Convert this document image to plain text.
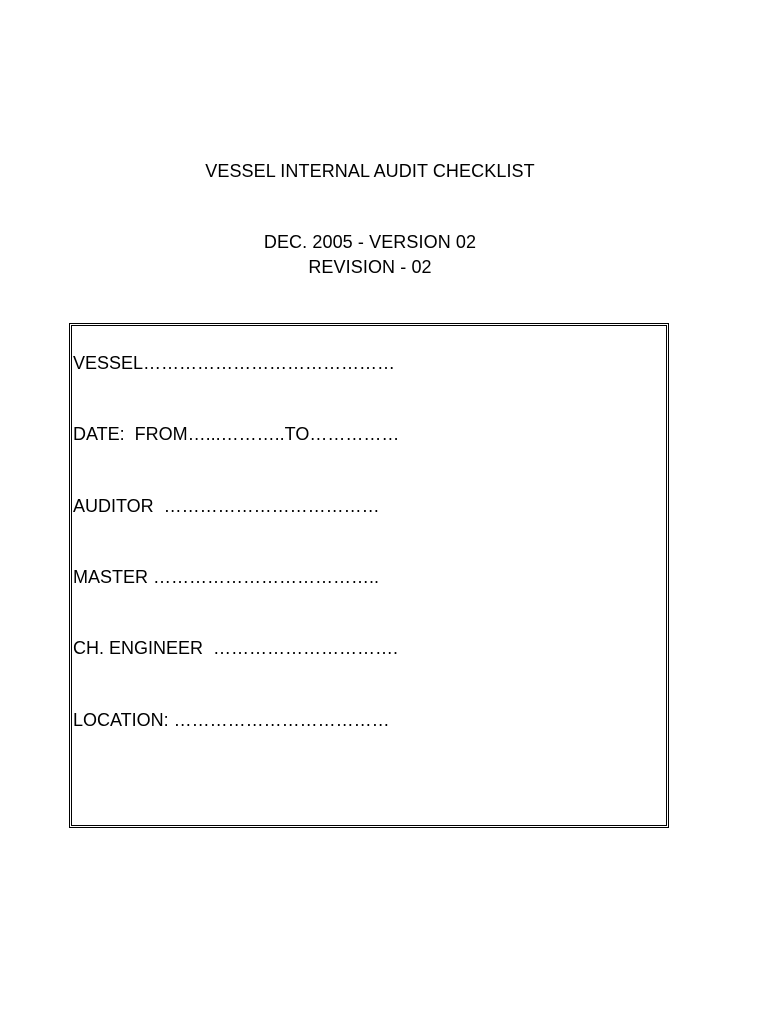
VESSEL INTERNAL AUDIT CHECKLIST
DEC. 2005 - VERSION 02
REVISION - 02
VESSEL……………………………………
DATE:  FROM…...………..TO……………
AUDITOR  ………………………………
MASTER ………………………………..
CH. ENGINEER  ………………………….
LOCATION: ………………………………
